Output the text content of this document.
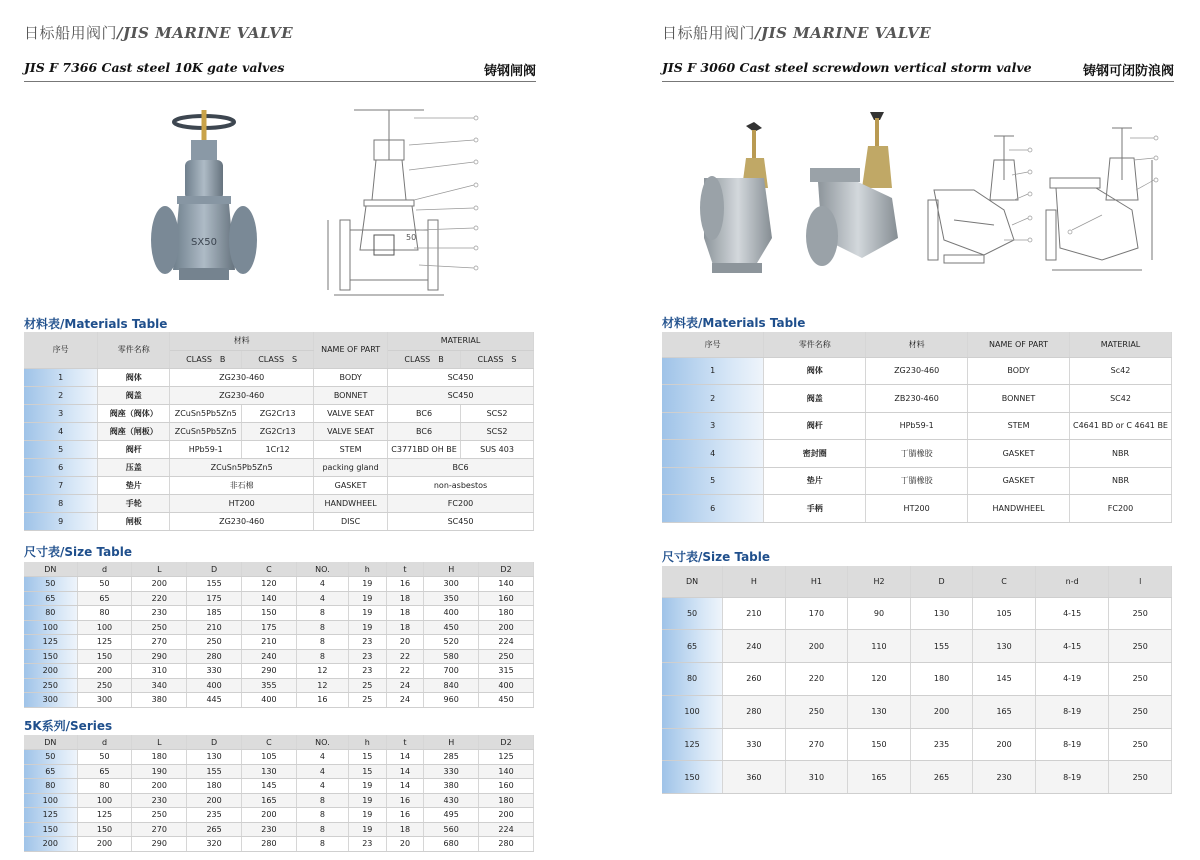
日标船用阀门/JIS MARINE VALVE
JIS F 7366 Cast steel 10K gate valves	铸钢闸阀
SX50	50
材料表/Materials Table
序号	零件名称	材料		NAME OF PART	MATERIAL	
		CLASS　B	CLASS　S		CLASS　B	CLASS　S
1	阀体	ZG230-460		BODY	SC450	
2	阀盖	ZG230-460		BONNET	SC450	
3	阀座（阀体）	ZCuSn5Pb5Zn5	ZG2Cr13	VALVE SEAT	BC6	SCS2
4	阀座（闸板）	ZCuSn5Pb5Zn5	ZG2Cr13	VALVE SEAT	BC6	SCS2
5	阀杆	HPb59-1	1Cr12	STEM	C3771BD OH BE	SUS 403
6	压盖	ZCuSn5Pb5Zn5		packing gland	BC6	
7	垫片	非石棉		GASKET	non-asbestos	
8	手轮	HT200		HANDWHEEL	FC200	
9	闸板	ZG230-460		DISC	SC450	
尺寸表/Size Table
DN	d	L	D	C	NO.	h	t	H	D2
50	50	200	155	120	4	19	16	300	140
65	65	220	175	140	4	19	18	350	160
80	80	230	185	150	8	19	18	400	180
100	100	250	210	175	8	19	18	450	200
125	125	270	250	210	8	23	20	520	224
150	150	290	280	240	8	23	22	580	250
200	200	310	330	290	12	23	22	700	315
250	250	340	400	355	12	25	24	840	400
300	300	380	445	400	16	25	24	960	450
5K系列/Series
DN	d	L	D	C	NO.	h	t	H	D2
50	50	180	130	105	4	15	14	285	125
65	65	190	155	130	4	15	14	330	140
80	80	200	180	145	4	19	14	380	160
100	100	230	200	165	8	19	16	430	180
125	125	250	235	200	8	19	16	495	200
150	150	270	265	230	8	19	18	560	224
200	200	290	320	280	8	23	20	680	280
日标船用阀门/JIS MARINE VALVE
JIS F 3060 Cast steel screwdown vertical storm valve	铸钢可闭防浪阀
材料表/Materials Table
序号	零件名称	材料	NAME OF PART	MATERIAL
1	阀体	ZG230-460	BODY	Sc42
2	阀盖	ZB230-460	BONNET	SC42
3	阀杆	HPb59-1	STEM	C4641 BD or C 4641 BE
4	密封圈	丁腈橡胶	GASKET	NBR
5	垫片	丁腈橡胶	GASKET	NBR
6	手柄	HT200	HANDWHEEL	FC200
尺寸表/Size Table
DN	H	H1	H2	D	C	n-d	l
50	210	170	90	130	105	4-15	250
65	240	200	110	155	130	4-15	250
80	260	220	120	180	145	4-19	250
100	280	250	130	200	165	8-19	250
125	330	270	150	235	200	8-19	250
150	360	310	165	265	230	8-19	250
